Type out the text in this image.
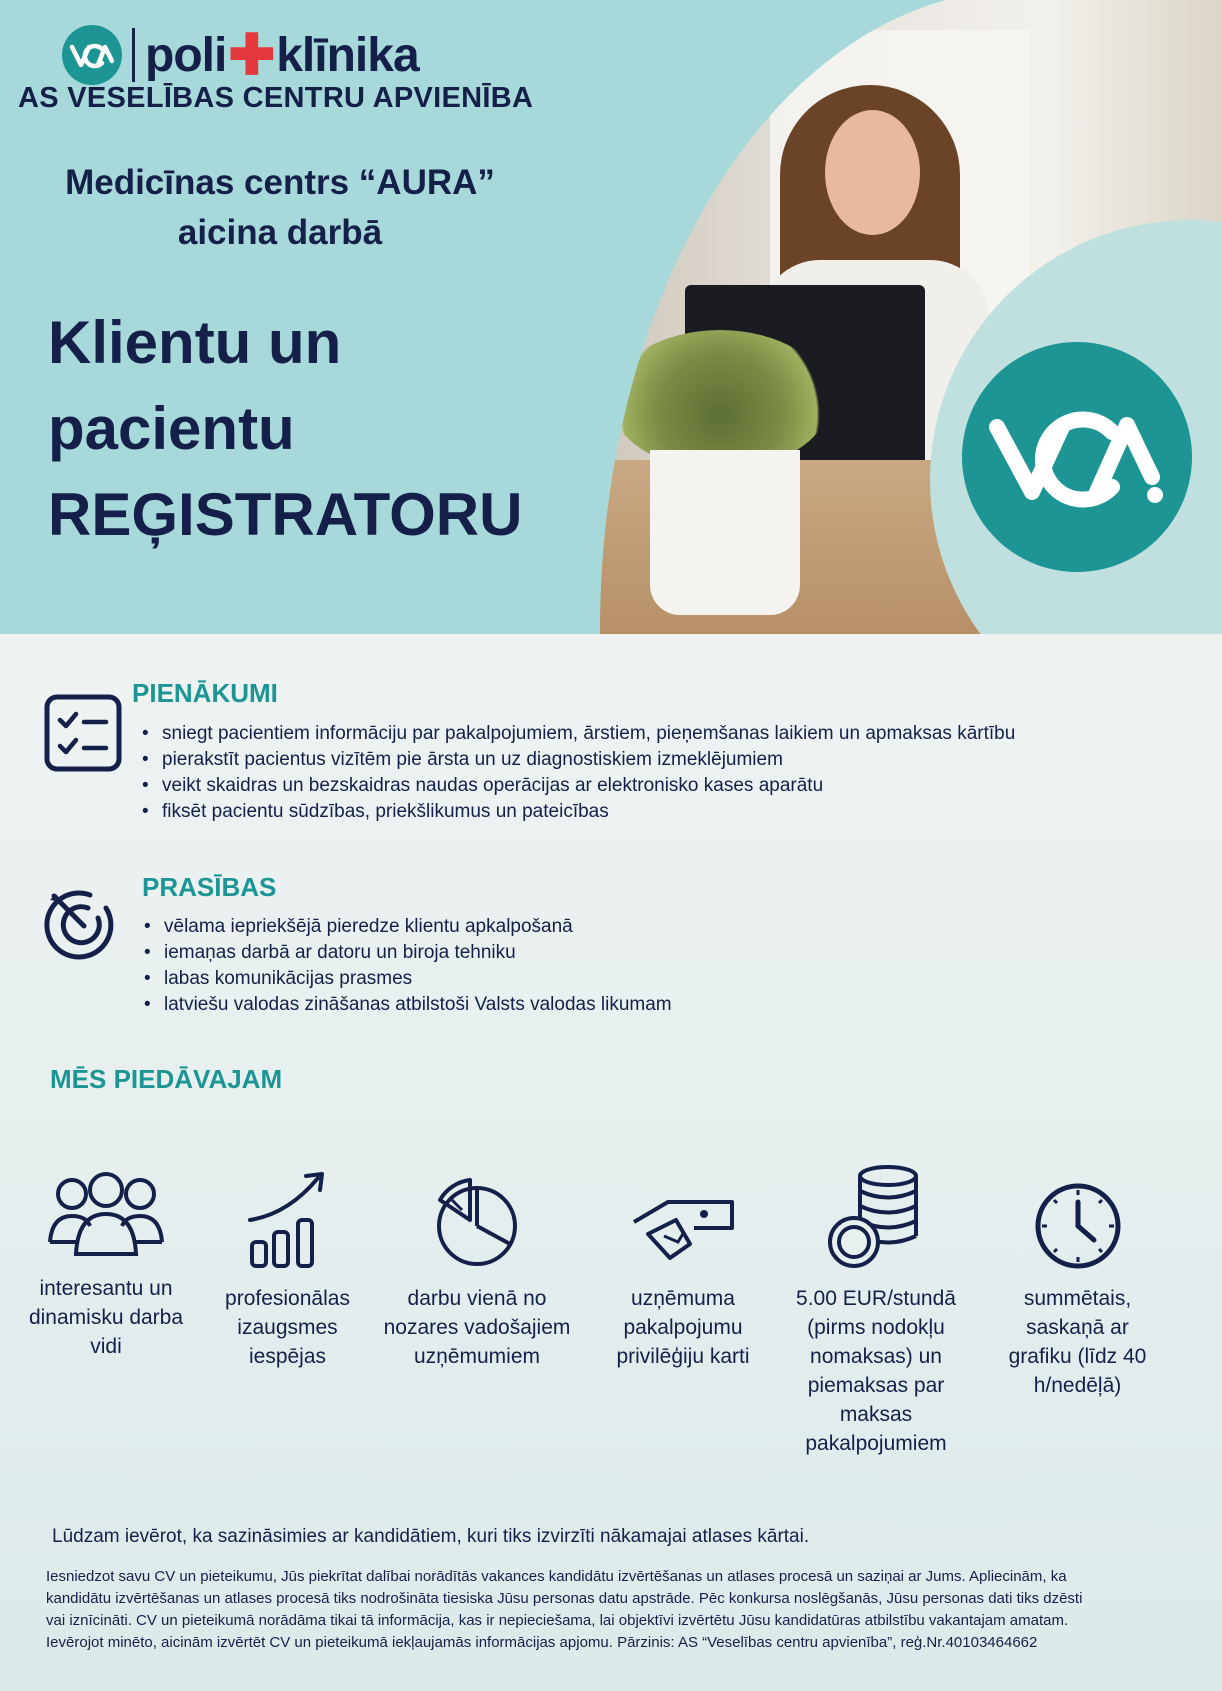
poli ✚ klīnika
AS VESELĪBAS CENTRU APVIENĪBA
Medicīnas centrs “AURA”
aicina darbā
Klientu un
pacientu
REĢISTRATORU
PIENĀKUMI
• sniegt pacientiem informāciju par pakalpojumiem, ārstiem, pieņemšanas laikiem un apmaksas kārtību
• pierakstīt pacientus vizītēm pie ārsta un uz diagnostiskiem izmeklējumiem
• veikt skaidras un bezskaidras naudas operācijas ar elektronisko kases aparātu
• fiksēt pacientu sūdzības, priekšlikumus un pateicības
PRASĪBAS
• vēlama iepriekšējā pieredze klientu apkalpošanā
• iemaņas darbā ar datoru un biroja tehniku
• labas komunikācijas prasmes
• latviešu valodas zināšanas atbilstoši Valsts valodas likumam
MĒS PIEDĀVAJAM
interesantu un
dinamisku darba
vidi
profesionālas
izaugsmes
iespējas
darbu vienā no
nozares vadošajiem
uzņēmumiem
uzņēmuma
pakalpojumu
privilēģiju karti
5.00 EUR/stundā
(pirms nodokļu
nomaksas) un
piemaksas par
maksas
pakalpojumiem
summētais,
saskaņā ar
grafiku (līdz 40
h/nedēļā)
Lūdzam ievērot, ka sazināsimies ar kandidātiem, kuri tiks izvirzīti nākamajai atlases kārtai.
Iesniedzot savu CV un pieteikumu, Jūs piekrītat dalībai norādītās vakances kandidātu izvērtēšanas un atlases procesā un saziņai ar Jums. Apliecinām, ka
kandidātu izvērtēšanas un atlases procesā tiks nodrošināta tiesiska Jūsu personas datu apstrāde. Pēc konkursa noslēgšanās, Jūsu personas dati tiks dzēsti
vai iznīcināti. CV un pieteikumā norādāma tikai tā informācija, kas ir nepieciešama, lai objektīvi izvērtētu Jūsu kandidatūras atbilstību vakantajam amatam.
Ievērojot minēto, aicinām izvērtēt CV un pieteikumā iekļaujamās informācijas apjomu. Pārzinis: AS “Veselības centru apvienība”, reģ.Nr.40103464662
